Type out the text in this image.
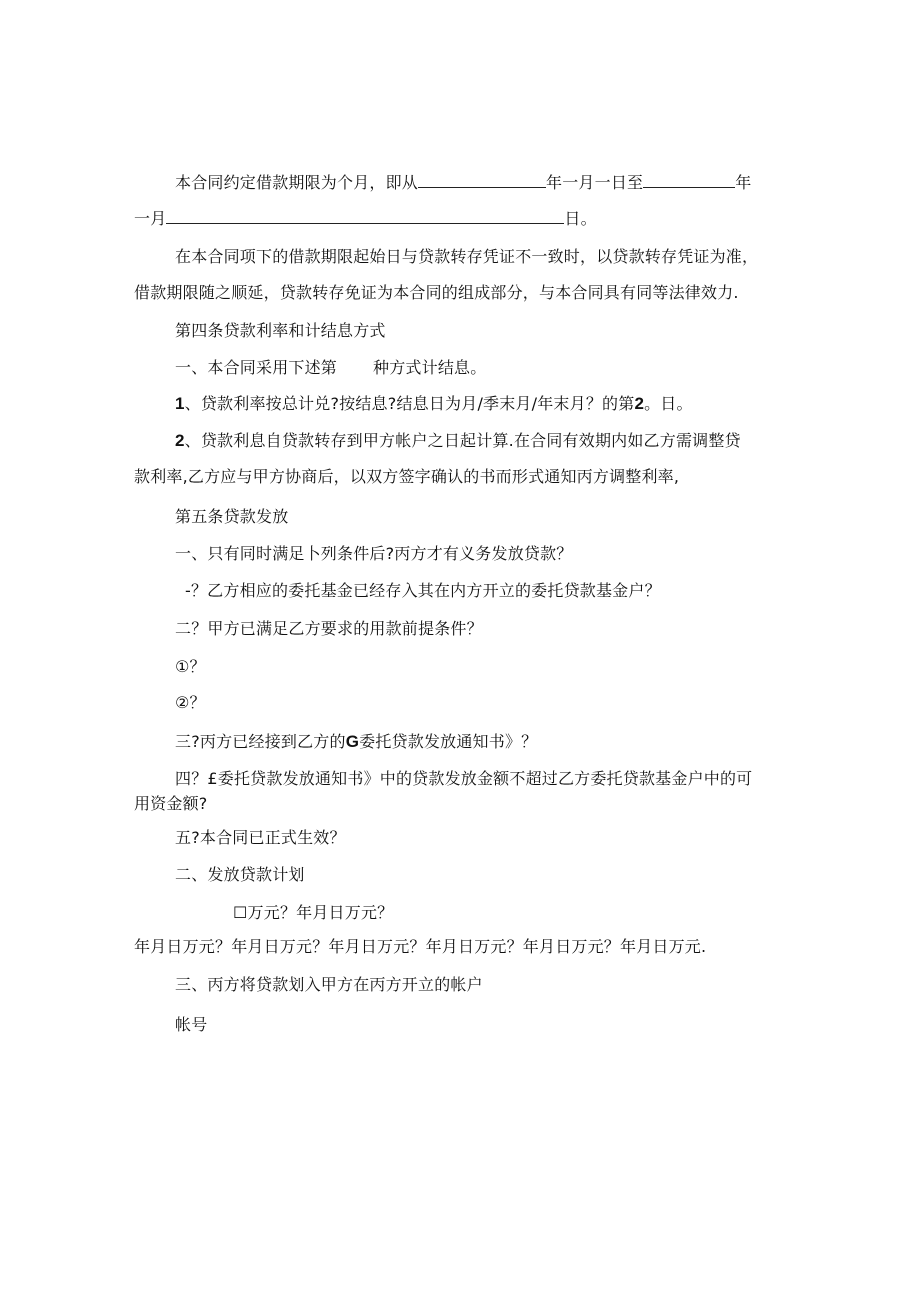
本合同约定借款期限为个月，即从	年一月一日至	年
一月	日。
在本合同项下的借款期限起始日与贷款转存凭证不一致时，以贷款转存凭证为准，
借款期限随之顺延，贷款转存免证为本合同的组成部分，与本合同具有同等法律效力.
第四条贷款利率和计结息方式
一、本合同采用下述第 种方式计结息。
1、贷款利率按总计兑?按结息?结息日为月/季末月/年末月？的第2。日。
2、贷款利息自贷款转存到甲方帐户之日起计算.在合同有效期内如乙方需调整贷
款利率,乙方应与甲方协商后，以双方签字确认的书而形式通知丙方调整利率,
第五条贷款发放
一、只有同时满足卜列条件后?丙方才有义务发放贷款？
-？乙方相应的委托基金已经存入其在内方开立的委托贷款基金户？
二？甲方已满足乙方要求的用款前提条件？
①？
②？
三?丙方已经接到乙方的G委托贷款发放通知书》？
四？£委托贷款发放通知书》中的贷款发放金额不超过乙方委托贷款基金户中的可
用资金额?
五?本合同已正式生效？
二、发放贷款计划
☐万元？年月日万元？
年月日万元？年月日万元？年月日万元？年月日万元？年月日万元？年月日万元.
三、丙方将贷款划入甲方在丙方开立的帐户
帐号
